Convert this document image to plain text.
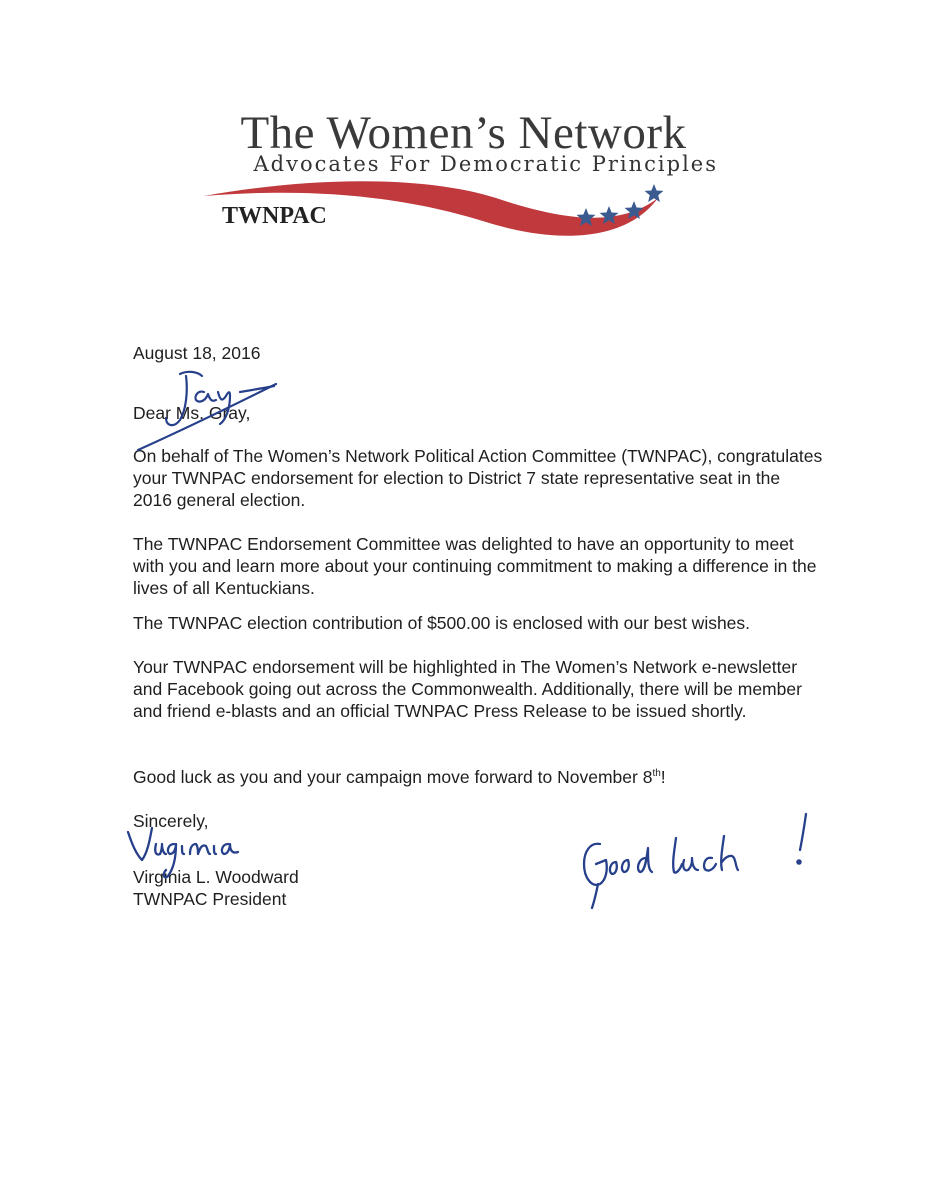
The Women’s Network
Advocates For Democratic Principles
TWNPAC
August 18, 2016
Dear Ms. Gray,
On behalf of The Women’s Network Political Action Committee (TWNPAC), congratulates your TWNPAC endorsement for election to District 7 state representative seat in the 2016 general election.
The TWNPAC Endorsement Committee was delighted to have an opportunity to meet with you and learn more about your continuing commitment to making a difference in the lives of all Kentuckians.
The TWNPAC election contribution of $500.00 is enclosed with our best wishes.
Your TWNPAC endorsement will be highlighted in The Women’s Network e-newsletter and Facebook going out across the Commonwealth. Additionally, there will be member and friend e-blasts and an official TWNPAC Press Release to be issued shortly.
Good luck as you and your campaign move forward to November 8th!
Sincerely,
Virginia L. Woodward
TWNPAC President
